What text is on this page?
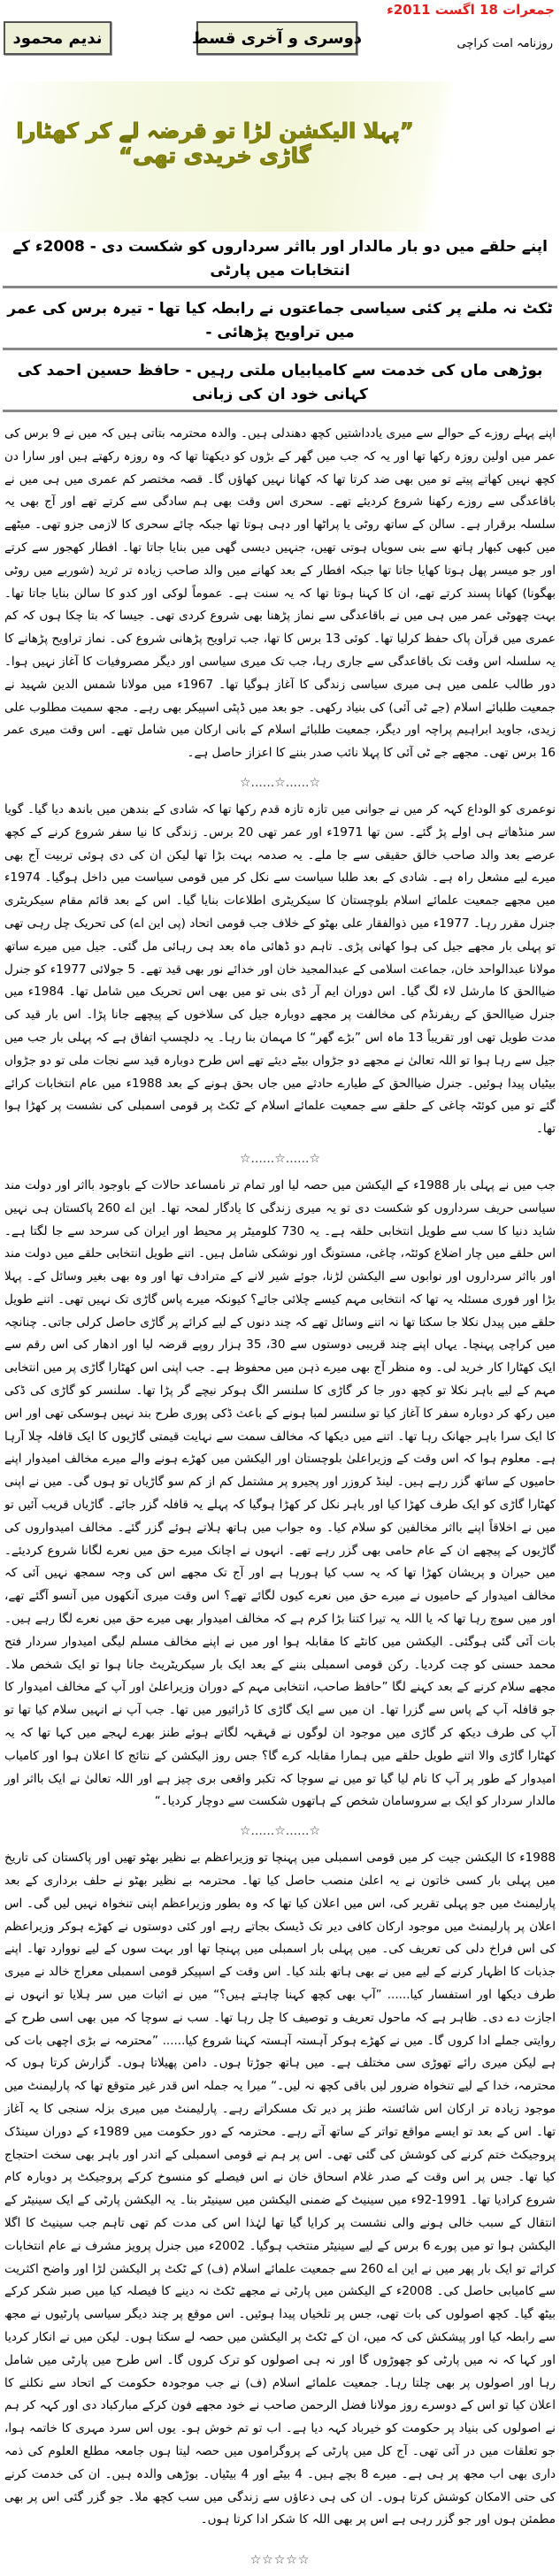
جمعرات 18 اگست 2011ء
روزنامہ امت کراچی
دوسری و آخری قسط
ندیم محمود
”پہلا الیکشن لڑا تو قرضہ لے کر کھٹارا گاڑی خریدی تھی“
اپنے حلقے میں دو بار مالدار اور بااثر سرداروں کو شکست دی - 2008ء کے انتخابات میں پارٹی
ٹکٹ نہ ملنے پر کئی سیاسی جماعتوں نے رابطہ کیا تھا - تیرہ برس کی عمر میں تراویح پڑھائی -
بوڑھی ماں کی خدمت سے کامیابیاں ملتی رہیں - حافظ حسین احمد کی کہانی خود ان کی زبانی

اپنے پہلے روزے کے حوالے سے میری یادداشتیں کچھ دھندلی ہیں۔ والدہ محترمہ بتاتی ہیں کہ میں نے 9 برس کی عمر میں اولین روزہ رکھا تھا اور یہ کہ جب میں گھر کے بڑوں کو دیکھتا تھا کہ وہ روزہ رکھتے ہیں اور سارا دن کچھ نہیں کھاتے پیتے تو میں بھی ضد کرتا تھا کہ کھانا نہیں کھاؤں گا۔ قصہ مختصر کم عمری میں ہی میں نے باقاعدگی سے روزے رکھنا شروع کردیئے تھے۔ سحری اس وقت بھی ہم سادگی سے کرتے تھے اور آج بھی یہ سلسلہ برقرار ہے۔ سالن کے ساتھ روٹی یا پراٹھا اور دہی ہوتا تھا جبکہ چائے سحری کا لازمی جزو تھی۔ میٹھے میں کبھی کبھار ہاتھ سے بنی سویاں ہوتی تھیں، جنہیں دیسی گھی میں بنایا جاتا تھا۔ افطار کھجور سے کرتے اور جو میسر پھل ہوتا کھایا جاتا تھا جبکہ افطار کے بعد کھانے میں والد صاحب زیادہ تر ثرید (شوربے میں روٹی بھگونا) کھانا پسند کرتے تھے، ان کا کہنا ہوتا تھا کہ یہ سنت ہے۔ عموماً لوکی اور کدو کا سالن بنایا جاتا تھا۔ بہت چھوٹی عمر میں ہی میں نے باقاعدگی سے نماز پڑھنا بھی شروع کردی تھی۔ جیسا کہ بتا چکا ہوں کہ کم عمری میں قرآن پاک حفظ کرلیا تھا۔ کوئی 13 برس کا تھا، جب تراویح پڑھانی شروع کی۔ نماز تراویح پڑھانے کا یہ سلسلہ اس وقت تک باقاعدگی سے جاری رہا، جب تک میری سیاسی اور دیگر مصروفیات کا آغاز نہیں ہوا۔ دور طالب علمی میں ہی میری سیاسی زندگی کا آغاز ہوگیا تھا۔ 1967ء میں مولانا شمس الدین شہید نے جمعیت طلبائے اسلام (جے ٹی آئی) کی بنیاد رکھی۔ جو بعد میں ڈپٹی اسپیکر بھی رہے۔ مجھ سمیت مطلوب علی زیدی، جاوید ابراہیم پراچہ اور دیگر، جمعیت طلبائے اسلام کے بانی ارکان میں شامل تھے۔ اس وقت میری عمر 16 برس تھی۔ مجھے جے ٹی آئی کا پہلا نائب صدر بننے کا اعزاز حاصل ہے۔

☆......☆......☆

نوعمری کو الوداع کہہ کر میں نے جوانی میں تازہ تازہ قدم رکھا تھا کہ شادی کے بندھن میں باندھ دیا گیا۔ گویا سر منڈھاتے ہی اولے پڑ گئے۔ سن تھا 1971ء اور عمر تھی 20 برس۔ زندگی کا نیا سفر شروع کرنے کے کچھ عرصے بعد والد صاحب خالق حقیقی سے جا ملے۔ یہ صدمہ بہت بڑا تھا لیکن ان کی دی ہوئی تربیت آج بھی میرے لیے مشعل راہ ہے۔ شادی کے بعد طلبا سیاست سے نکل کر میں قومی سیاست میں داخل ہوگیا۔ 1974ء میں مجھے جمعیت علمائے اسلام بلوچستان کا سیکریٹری اطلاعات بنایا گیا۔ اس کے بعد قائم مقام سیکریٹری جنرل مقرر رہا۔ 1977ء میں ذوالفقار علی بھٹو کے خلاف جب قومی اتحاد (پی این اے) کی تحریک چل رہی تھی تو پہلی بار مجھے جیل کی ہوا کھانی پڑی۔ تاہم دو ڈھائی ماہ بعد ہی رہائی مل گئی۔ جیل میں میرے ساتھ مولانا عبدالواحد خان، جماعت اسلامی کے عبدالمجید خان اور خدائے نور بھی قید تھے۔ 5 جولائی 1977ء کو جنرل ضیاالحق کا مارشل لاء لگ گیا۔ اس دوران ایم آر ڈی بنی تو میں بھی اس تحریک میں شامل تھا۔ 1984ء میں جنرل ضیاالحق کے ریفرنڈم کی مخالفت پر مجھے دوبارہ جیل کی سلاخوں کے پیچھے جانا پڑا۔ اس بار قید کی مدت طویل تھی اور تقریباً 13 ماہ اس ”بڑے گھر“ کا مہمان بنا رہا۔ یہ دلچسپ اتفاق ہے کہ پہلی بار جب میں جیل سے رہا ہوا تو اللہ تعالیٰ نے مجھے دو جڑواں بیٹے دیئے تھے اس طرح دوبارہ قید سے نجات ملی تو دو جڑواں بیٹیاں پیدا ہوئیں۔ جنرل ضیاالحق کے طیارے حادثے میں جاں بحق ہونے کے بعد 1988ء میں عام انتخابات کرائے گئے تو میں کوئٹہ چاغی کے حلقے سے جمعیت علمائے اسلام کے ٹکٹ پر قومی اسمبلی کی نشست پر کھڑا ہوا تھا۔

☆......☆......☆

جب میں نے پہلی بار 1988ء کے الیکشن میں حصہ لیا اور تمام تر نامساعد حالات کے باوجود بااثر اور دولت مند سیاسی حریف سرداروں کو شکست دی تو یہ میری زندگی کا یادگار لمحہ تھا۔ این اے 260 پاکستان ہی نہیں شاید دنیا کا سب سے طویل انتخابی حلقہ ہے۔ یہ 730 کلومیٹر پر محیط اور ایران کی سرحد سے جا لگتا ہے۔ اس حلقے میں چار اضلاع کوئٹہ، چاغی، مستونگ اور نوشکی شامل ہیں۔ اتنے طویل انتخابی حلقے میں دولت مند اور بااثر سرداروں اور نوابوں سے الیکشن لڑنا، جوئے شیر لانے کے مترادف تھا اور وہ بھی بغیر وسائل کے۔ پہلا بڑا اور فوری مسئلہ یہ تھا کہ انتخابی مہم کیسے چلائی جائے؟ کیونکہ میرے پاس گاڑی تک نہیں تھی۔ اتنے طویل حلقے میں پیدل نکلا جا سکتا تھا نہ اتنے وسائل تھے کہ چند دنوں کے لیے کرائے پر گاڑی حاصل کرلی جاتی۔ چنانچہ میں کراچی پہنچا۔ یہاں اپنے چند قریبی دوستوں سے 30، 35 ہزار روپے قرضہ لیا اور ادھار کی اس رقم سے ایک کھٹارا کار خرید لی۔ وہ منظر آج بھی میرے ذہن میں محفوظ ہے۔ جب اپنی اس کھٹارا گاڑی پر میں انتخابی مہم کے لیے باہر نکلا تو کچھ دور جا کر گاڑی کا سلنسر الگ ہوکر نیچے گر پڑا تھا۔ سلنسر کو گاڑی کی ڈکی میں رکھ کر دوبارہ سفر کا آغاز کیا تو سلنسر لمبا ہونے کے باعث ڈکی پوری طرح بند نہیں ہوسکی تھی اور اس کا ایک سرا باہر جھانک رہا تھا۔ اتنے میں دیکھا کہ مخالف سمت سے نہایت قیمتی گاڑیوں کا ایک قافلہ چلا آرہا ہے۔ معلوم ہوا کہ اس وقت کے وزیراعلیٰ بلوچستان اور الیکشن میں کھڑے ہونے والے میرے مخالف امیدوار اپنے حامیوں کے ساتھ گزر رہے ہیں۔ لینڈ کروزر اور پجیرو پر مشتمل کم از کم سو گاڑیاں تو ہوں گی۔ میں نے اپنی کھٹارا گاڑی کو ایک طرف کھڑا کیا اور باہر نکل کر کھڑا ہوگیا کہ پہلے یہ قافلہ گزر جائے۔ گاڑیاں قریب آئیں تو میں نے اخلاقاً اپنے بااثر مخالفین کو سلام کیا۔ وہ جواب میں ہاتھ ہلاتے ہوئے گزر گئے۔ مخالف امیدواروں کی گاڑیوں کے پیچھے ان کے عام حامی بھی گزر رہے تھے۔ انہوں نے اچانک میرے حق میں نعرے لگانا شروع کردیئے۔ میں حیران و پریشان کھڑا تھا کہ یہ سب کیا ہورہا ہے اور آج تک مجھے اس کی وجہ سمجھ نہیں آئی کہ مخالف امیدوار کے حامیوں نے میرے حق میں نعرے کیوں لگائے تھے؟ اس وقت میری آنکھوں میں آنسو آگئے تھے، اور میں سوچ رہا تھا کہ یا اللہ یہ تیرا کتنا بڑا کرم ہے کہ مخالف امیدوار بھی میرے حق میں نعرے لگا رہے ہیں۔ بات آئی گئی ہوگئی۔ الیکشن میں کانٹے کا مقابلہ ہوا اور میں نے اپنے مخالف مسلم لیگی امیدوار سردار فتح محمد حسنی کو چت کردیا۔ رکن قومی اسمبلی بننے کے بعد ایک بار سیکریٹریٹ جانا ہوا تو ایک شخص ملا۔ مجھے سلام کرنے کے بعد کہنے لگا ”حافظ صاحب، انتخابی مہم کے دوران وزیراعلیٰ اور آپ کے مخالف امیدوار کا جو قافلہ آپ کے پاس سے گزرا تھا۔ ان میں سے ایک گاڑی کا ڈرائیور میں تھا۔ جب آپ نے انہیں سلام کیا تھا تو آپ کی طرف دیکھ کر گاڑی میں موجود ان لوگوں نے قہقہہ لگاتے ہوئے طنز بھرے لہجے میں کہا تھا کہ یہ کھٹارا گاڑی والا اتنے طویل حلقے میں ہمارا مقابلہ کرے گا؟ جس روز الیکشن کے نتائج کا اعلان ہوا اور کامیاب امیدوار کے طور پر آپ کا نام لیا گیا تو میں نے سوچا کہ تکبر واقعی بری چیز ہے اور اللہ تعالیٰ نے ایک بااثر اور مالدار سردار کو ایک بے سروسامان شخص کے ہاتھوں شکست سے دوچار کردیا۔“

☆......☆......☆

1988ء کا الیکشن جیت کر میں قومی اسمبلی میں پہنچا تو وزیراعظم بے نظیر بھٹو تھیں اور پاکستان کی تاریخ میں پہلی بار کسی خاتون نے یہ اعلیٰ منصب حاصل کیا تھا۔ محترمہ بے نظیر بھٹو نے حلف برداری کے بعد پارلیمنٹ میں جو پہلی تقریر کی، اس میں اعلان کیا تھا کہ وہ بطور وزیراعظم اپنی تنخواہ نہیں لیں گی۔ اس اعلان پر پارلیمنٹ میں موجود ارکان کافی دیر تک ڈیسک بجاتے رہے اور کئی دوستوں نے کھڑے ہوکر وزیراعظم کی اس فراخ دلی کی تعریف کی۔ میں پہلی بار اسمبلی میں پہنچا تھا اور بہت سوں کے لیے نووارد تھا۔ اپنے جذبات کا اظہار کرنے کے لیے میں نے بھی ہاتھ بلند کیا۔ اس وقت کے اسپیکر قومی اسمبلی معراج خالد نے میری طرف دیکھا اور استفسار کیا...... ”آپ بھی کچھ کہنا چاہتے ہیں؟“ میں نے اثبات میں سر ہلایا تو انہوں نے اجازت دے دی۔ ظاہر ہے کہ ماحول تعریف و توصیف کا چل رہا تھا۔ سب نے سوچا کہ میں بھی اسی طرح کے روایتی جملے ادا کروں گا۔ میں نے کھڑے ہوکر آہستہ آہستہ کہنا شروع کیا...... ”محترمہ نے بڑی اچھی بات کی ہے لیکن میری رائے تھوڑی سی مختلف ہے۔ میں ہاتھ جوڑتا ہوں۔ دامن پھیلاتا ہوں۔ گزارش کرتا ہوں کہ محترمہ، خدا کے لیے تنخواہ ضرور لیں باقی کچھ نہ لیں۔“ میرا یہ جملہ اس قدر غیر متوقع تھا کہ پارلیمنٹ میں موجود زیادہ تر ارکان اس شائستہ طنز پر دیر تک مسکراتے رہے۔ پارلیمنٹ میں میری بزلہ سنجی کا یہ آغاز تھا۔ اس کے بعد تو ایسے مواقع تواتر کے ساتھ آتے رہے۔ محترمہ کے دور حکومت میں 1989ء کے دوران سینڈک پروجیکٹ ختم کرنے کی کوشش کی گئی تھی۔ اس پر ہم نے قومی اسمبلی کے اندر اور باہر بھی سخت احتجاج کیا تھا۔ جس پر اس وقت کے صدر غلام اسحاق خان نے اس فیصلے کو منسوخ کرکے پروجیکٹ پر دوبارہ کام شروع کرادیا تھا۔ 1991-92ء میں سینیٹ کے ضمنی الیکشن میں سینیٹر بنا۔ یہ الیکشن پارٹی کے ایک سینیٹر کے انتقال کے سبب خالی ہونے والی نشست پر کرایا گیا تھا لہٰذا اس کی مدت کم تھی تاہم جب سینیٹ کا اگلا الیکشن ہوا تو میں پورے 6 برس کے لیے سینیٹر منتخب ہوگیا۔ 2002ء میں جنرل پرویز مشرف نے عام انتخابات کرائے تو ایک بار پھر میں نے این اے 260 سے جمعیت علمائے اسلام (ف) کے ٹکٹ پر الیکشن لڑا اور واضح اکثریت سے کامیابی حاصل کی۔ 2008ء کے الیکشن میں پارٹی نے مجھے ٹکٹ نہ دینے کا فیصلہ کیا میں صبر شکر کرکے بیٹھ گیا۔ کچھ اصولوں کی بات تھی، جس پر تلخیاں پیدا ہوئیں۔ اس موقع پر چند دیگر سیاسی پارٹیوں نے مجھ سے رابطہ کیا اور پیشکش کی کہ میں، ان کے ٹکٹ پر الیکشن میں حصہ لے سکتا ہوں۔ لیکن میں نے انکار کردیا اور کہا کہ نہ میں پارٹی کو چھوڑوں گا اور نہ ہی اصولوں کو ترک کروں گا۔ اس طرح میں پارٹی میں شامل رہا اور اصولوں پر بھی چلتا رہا۔ جمعیت علمائے اسلام (ف) نے جب موجودہ حکومت کے اتحاد سے نکلنے کا اعلان کیا تو اس کے دوسرے روز مولانا فضل الرحمن صاحب نے خود مجھے فون کرکے مبارکباد دی اور کہہ کر ہم نے اصولوں کی بنیاد پر حکومت کو خیرباد کہہ دیا ہے۔ اب تو تم خوش ہو۔ یوں اس سرد مہری کا خاتمہ ہوا، جو تعلقات میں در آئی تھی۔ آج کل میں پارٹی کے پروگراموں میں حصہ لیتا ہوں جامعہ مطلع العلوم کی ذمہ داری بھی اب مجھ پر ہی ہے۔ میرے 8 بچے ہیں۔ 4 بیٹے اور 4 بیٹیاں۔ بوڑھی والدہ ہیں۔ ان کی خدمت کرنے کی حتی الامکان کوشش کرتا ہوں۔ ان کی ہی دعاؤں سے زندگی میں سب کچھ ملا۔ جو گزر گئی اس پر بھی مطمئن ہوں اور جو گزر رہی ہے اس پر بھی اللہ کا شکر ادا کرتا ہوں۔

☆☆☆☆☆
